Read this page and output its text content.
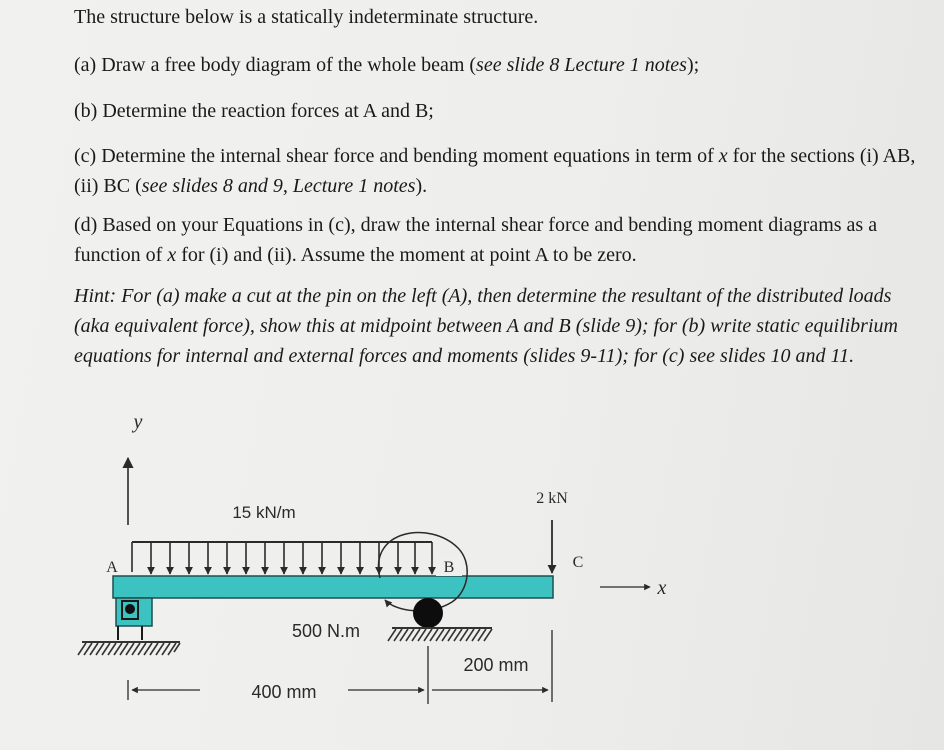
The structure below is a statically indeterminate structure.

(a) Draw a free body diagram of the whole beam (see slide 8 Lecture 1 notes);

(b) Determine the reaction forces at A and B;

(c) Determine the internal shear force and bending moment equations in term of x for the sections (i) AB, (ii) BC (see slides 8 and 9, Lecture 1 notes).

(d) Based on your Equations in (c), draw the internal shear force and bending moment diagrams as a function of x for (i) and (ii). Assume the moment at point A to be zero.

Hint: For (a) make a cut at the pin on the left (A), then determine the resultant of the distributed loads (aka equivalent force), show this at midpoint between A and B (slide 9); for (b) write static equilibrium equations for internal and external forces and moments (slides 9-11); for (c) see slides 10 and 11.

y
15 kN/m
A
500 N.m
B
2 kN
C
x
400 mm
200 mm
